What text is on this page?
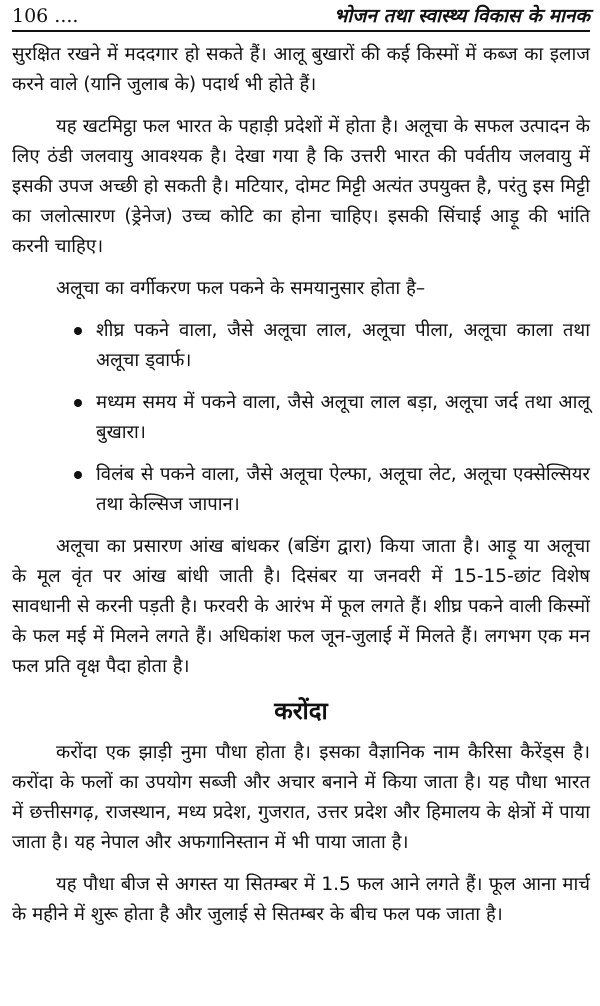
106 ....	भोजन तथा स्वास्थ्य विकास के मानक

सुरक्षित रखने में मददगार हो सकते हैं। आलू बुखारों की कई किस्मों में कब्ज का इलाज करने वाले (यानि जुलाब के) पदार्थ भी होते हैं।

यह खटमिट्ठा फल भारत के पहाड़ी प्रदेशों में होता है। अलूचा के सफल उत्पादन के लिए ठंडी जलवायु आवश्यक है। देखा गया है कि उत्तरी भारत की पर्वतीय जलवायु में इसकी उपज अच्छी हो सकती है। मटियार, दोमट मिट्टी अत्यंत उपयुक्त है, परंतु इस मिट्टी का जलोत्सारण (ड्रेनेज) उच्च कोटि का होना चाहिए। इसकी सिंचाई आड़ू की भांति करनी चाहिए।

अलूचा का वर्गीकरण फल पकने के समयानुसार होता है–

शीघ्र पकने वाला, जैसे अलूचा लाल, अलूचा पीला, अलूचा काला तथा अलूचा ड्वार्फ।
मध्यम समय में पकने वाला, जैसे अलूचा लाल बड़ा, अलूचा जर्द तथा आलू बुखारा।
विलंब से पकने वाला, जैसे अलूचा ऐल्फा, अलूचा लेट, अलूचा एक्सेल्सियर तथा केल्सिज जापान।

अलूचा का प्रसारण आंख बांधकर (बडिंग द्वारा) किया जाता है। आड़ू या अलूचा के मूल वृंत पर आंख बांधी जाती है। दिसंबर या जनवरी में 15-15-छांट विशेष सावधानी से करनी पड़ती है। फरवरी के आरंभ में फूल लगते हैं। शीघ्र पकने वाली किस्मों के फल मई में मिलने लगते हैं। अधिकांश फल जून-जुलाई में मिलते हैं। लगभग एक मन फल प्रति वृक्ष पैदा होता है।

करोंदा

करोंदा एक झाड़ी नुमा पौधा होता है। इसका वैज्ञानिक नाम कैरिसा कैरेंड्स है। करोंदा के फलों का उपयोग सब्जी और अचार बनाने में किया जाता है। यह पौधा भारत में छत्तीसगढ़, राजस्थान, मध्य प्रदेश, गुजरात, उत्तर प्रदेश और हिमालय के क्षेत्रों में पाया जाता है। यह नेपाल और अफगानिस्तान में भी पाया जाता है।

यह पौधा बीज से अगस्त या सितम्बर में 1.5 फल आने लगते हैं। फूल आना मार्च के महीने में शुरू होता है और जुलाई से सितम्बर के बीच फल पक जाता है।
